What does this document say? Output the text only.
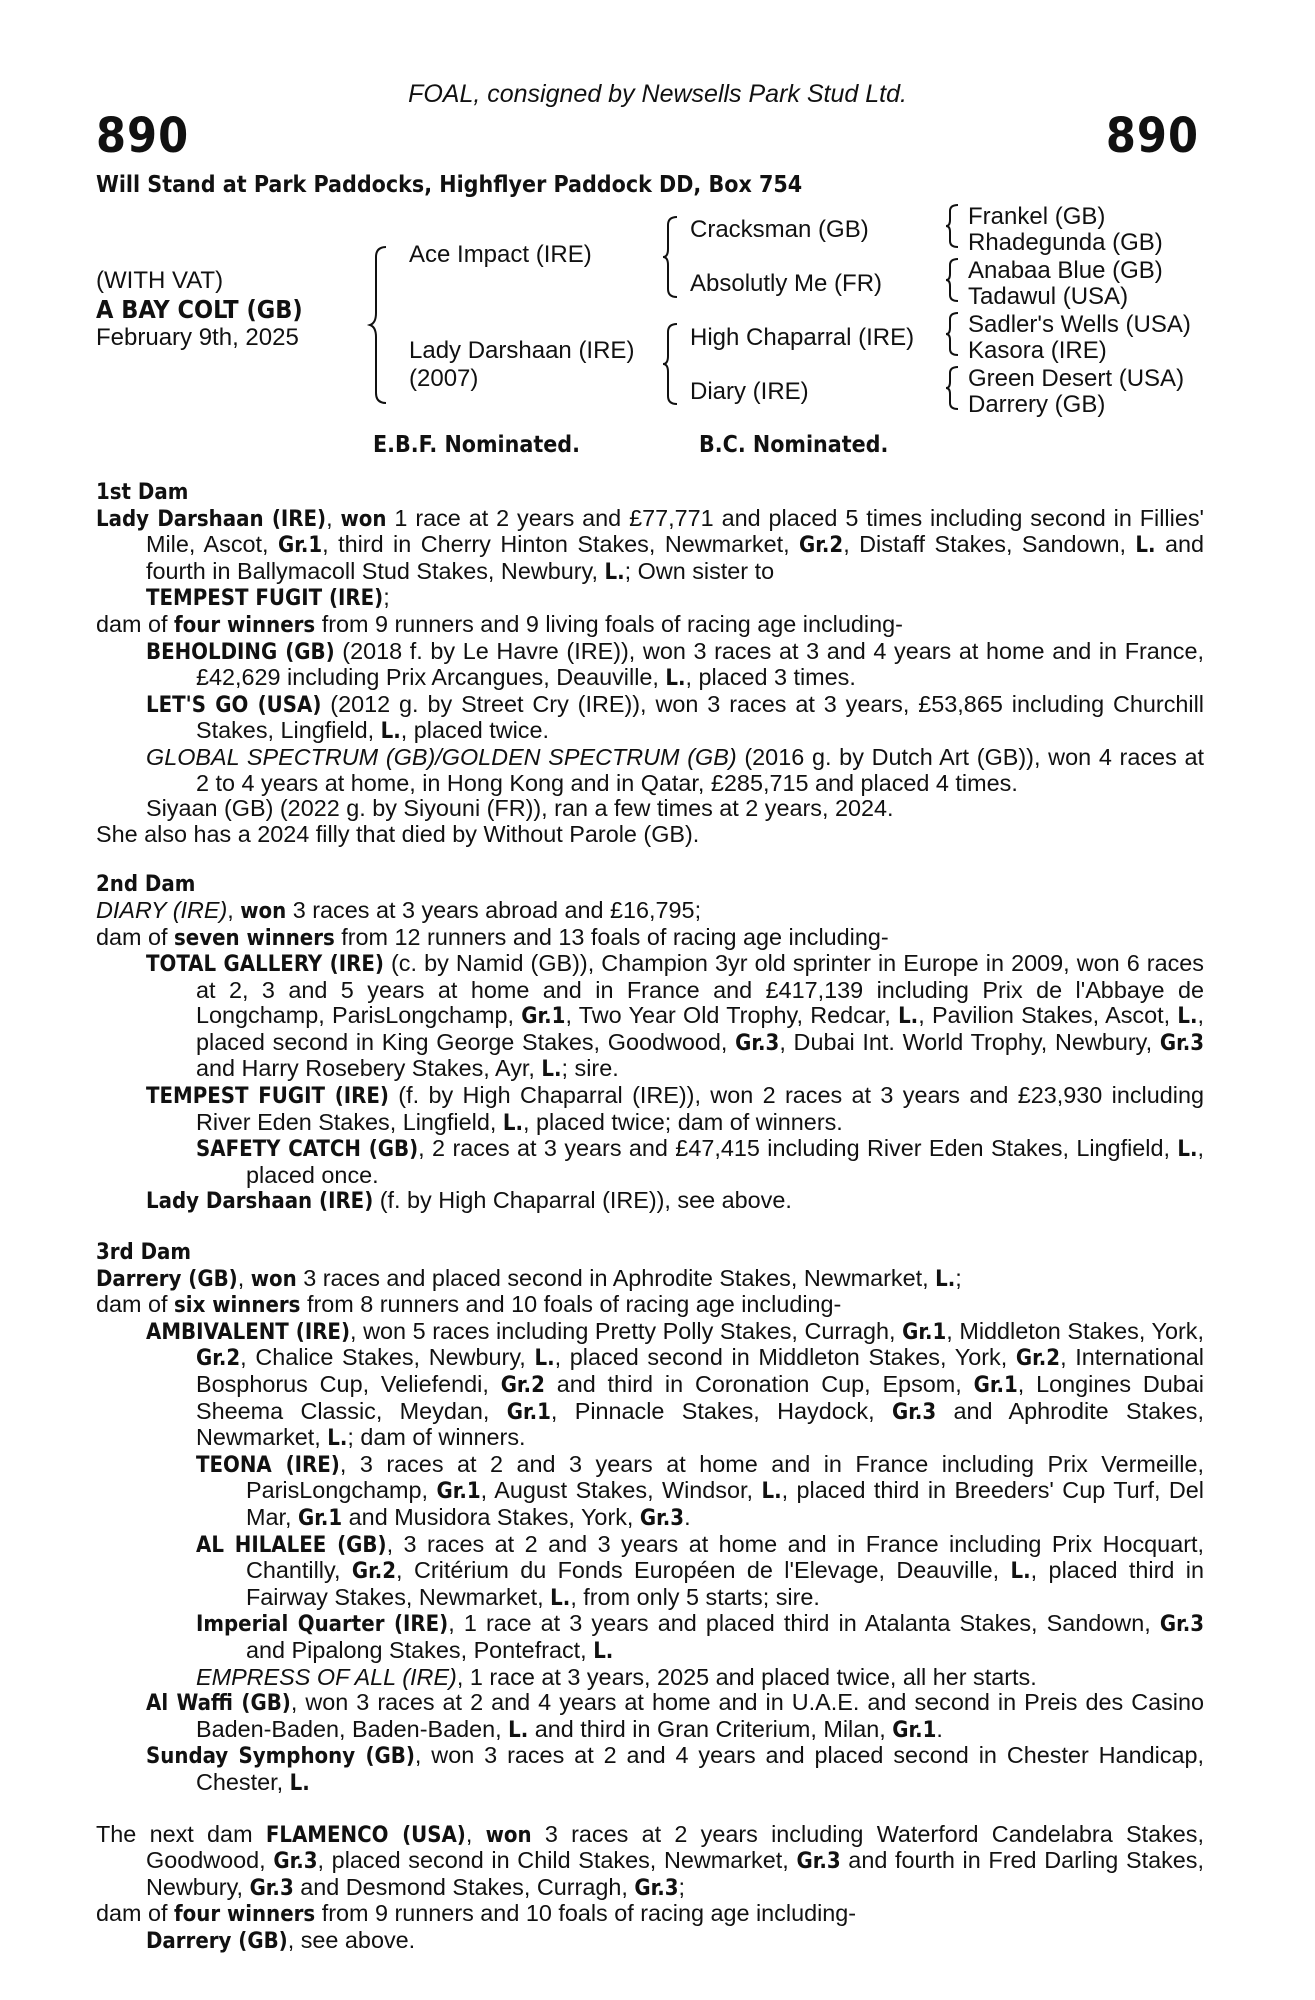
FOAL, consigned by Newsells Park Stud Ltd.
890	890
Will Stand at Park Paddocks, Highflyer Paddock DD, Box 754
(WITH VAT)
A BAY COLT (GB)
February 9th, 2025
Ace Impact (IRE)
Lady Darshaan (IRE)
(2007)
Cracksman (GB)
Absolutly Me (FR)
High Chaparral (IRE)
Diary (IRE)
Frankel (GB)
Rhadegunda (GB)
Anabaa Blue (GB)
Tadawul (USA)
Sadler's Wells (USA)
Kasora (IRE)
Green Desert (USA)
Darrery (GB)
E.B.F. Nominated.	B.C. Nominated.
1st Dam
Lady Darshaan (IRE), won 1 race at 2 years and £77,771 and placed 5 times including second in Fillies' Mile, Ascot, Gr.1, third in Cherry Hinton Stakes, Newmarket, Gr.2, Distaff Stakes, Sandown, L. and fourth in Ballymacoll Stud Stakes, Newbury, L.; Own sister to
TEMPEST FUGIT (IRE);
dam of four winners from 9 runners and 9 living foals of racing age including-
BEHOLDING (GB) (2018 f. by Le Havre (IRE)), won 3 races at 3 and 4 years at home and in France, £42,629 including Prix Arcangues, Deauville, L., placed 3 times.
LET'S GO (USA) (2012 g. by Street Cry (IRE)), won 3 races at 3 years, £53,865 including Churchill Stakes, Lingfield, L., placed twice.
GLOBAL SPECTRUM (GB)/GOLDEN SPECTRUM (GB) (2016 g. by Dutch Art (GB)), won 4 races at 2 to 4 years at home, in Hong Kong and in Qatar, £285,715 and placed 4 times.
Siyaan (GB) (2022 g. by Siyouni (FR)), ran a few times at 2 years, 2024.
She also has a 2024 filly that died by Without Parole (GB).
2nd Dam
DIARY (IRE), won 3 races at 3 years abroad and £16,795;
dam of seven winners from 12 runners and 13 foals of racing age including-
TOTAL GALLERY (IRE) (c. by Namid (GB)), Champion 3yr old sprinter in Europe in 2009, won 6 races at 2, 3 and 5 years at home and in France and £417,139 including Prix de l'Abbaye de Longchamp, ParisLongchamp, Gr.1, Two Year Old Trophy, Redcar, L., Pavilion Stakes, Ascot, L., placed second in King George Stakes, Goodwood, Gr.3, Dubai Int. World Trophy, Newbury, Gr.3 and Harry Rosebery Stakes, Ayr, L.; sire.
TEMPEST FUGIT (IRE) (f. by High Chaparral (IRE)), won 2 races at 3 years and £23,930 including River Eden Stakes, Lingfield, L., placed twice; dam of winners.
SAFETY CATCH (GB), 2 races at 3 years and £47,415 including River Eden Stakes, Lingfield, L., placed once.
Lady Darshaan (IRE) (f. by High Chaparral (IRE)), see above.
3rd Dam
Darrery (GB), won 3 races and placed second in Aphrodite Stakes, Newmarket, L.;
dam of six winners from 8 runners and 10 foals of racing age including-
AMBIVALENT (IRE), won 5 races including Pretty Polly Stakes, Curragh, Gr.1, Middleton Stakes, York, Gr.2, Chalice Stakes, Newbury, L., placed second in Middleton Stakes, York, Gr.2, International Bosphorus Cup, Veliefendi, Gr.2 and third in Coronation Cup, Epsom, Gr.1, Longines Dubai Sheema Classic, Meydan, Gr.1, Pinnacle Stakes, Haydock, Gr.3 and Aphrodite Stakes, Newmarket, L.; dam of winners.
TEONA (IRE), 3 races at 2 and 3 years at home and in France including Prix Vermeille, ParisLongchamp, Gr.1, August Stakes, Windsor, L., placed third in Breeders' Cup Turf, Del Mar, Gr.1 and Musidora Stakes, York, Gr.3.
AL HILALEE (GB), 3 races at 2 and 3 years at home and in France including Prix Hocquart, Chantilly, Gr.2, Critérium du Fonds Européen de l'Elevage, Deauville, L., placed third in Fairway Stakes, Newmarket, L., from only 5 starts; sire.
Imperial Quarter (IRE), 1 race at 3 years and placed third in Atalanta Stakes, Sandown, Gr.3 and Pipalong Stakes, Pontefract, L.
EMPRESS OF ALL (IRE), 1 race at 3 years, 2025 and placed twice, all her starts.
Al Waffi (GB), won 3 races at 2 and 4 years at home and in U.A.E. and second in Preis des Casino Baden-Baden, Baden-Baden, L. and third in Gran Criterium, Milan, Gr.1.
Sunday Symphony (GB), won 3 races at 2 and 4 years and placed second in Chester Handicap, Chester, L.
The next dam FLAMENCO (USA), won 3 races at 2 years including Waterford Candelabra Stakes, Goodwood, Gr.3, placed second in Child Stakes, Newmarket, Gr.3 and fourth in Fred Darling Stakes, Newbury, Gr.3 and Desmond Stakes, Curragh, Gr.3;
dam of four winners from 9 runners and 10 foals of racing age including-
Darrery (GB), see above.
